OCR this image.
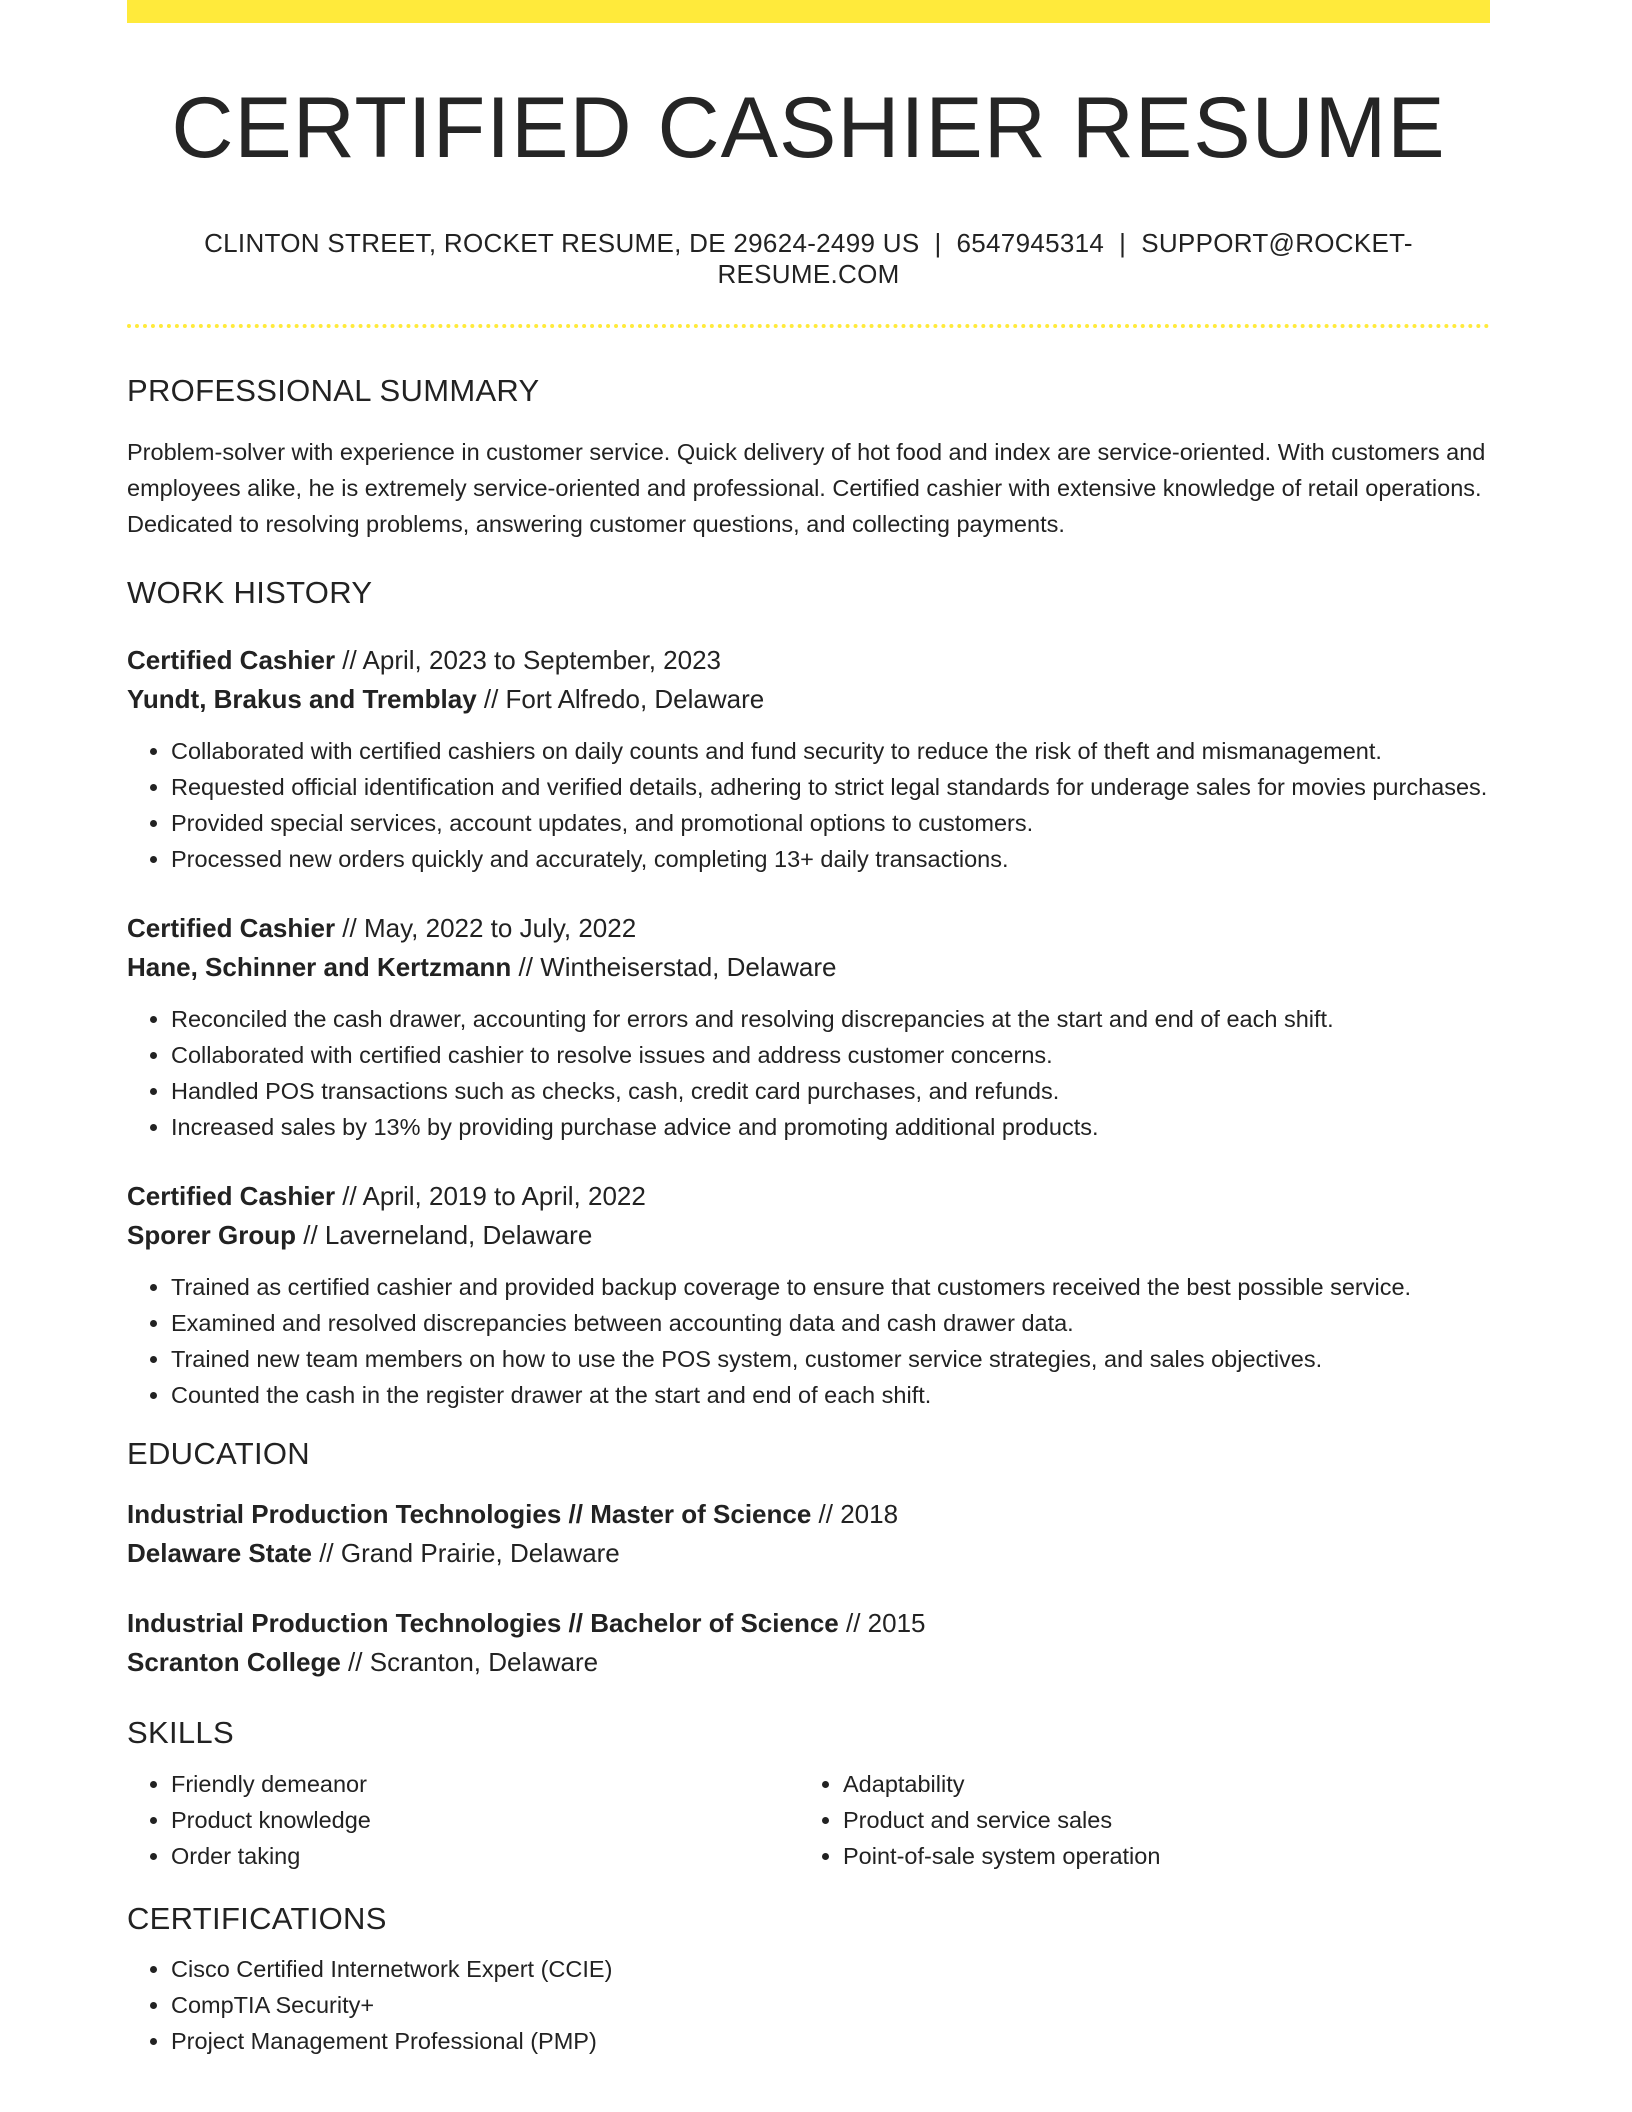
CERTIFIED CASHIER RESUME
CLINTON STREET, ROCKET RESUME, DE 29624-2499 US | 6547945314 | SUPPORT@ROCKET-RESUME.COM
PROFESSIONAL SUMMARY

Problem-solver with experience in customer service. Quick delivery of hot food and index are service-oriented. With customers and employees alike, he is extremely service-oriented and professional. Certified cashier with extensive knowledge of retail operations. Dedicated to resolving problems, answering customer questions, and collecting payments.

WORK HISTORY
Certified Cashier // April, 2023 to September, 2023
Yundt, Brakus and Tremblay // Fort Alfredo, Delaware
• Collaborated with certified cashiers on daily counts and fund security to reduce the risk of theft and mismanagement.
• Requested official identification and verified details, adhering to strict legal standards for underage sales for movies purchases.
• Provided special services, account updates, and promotional options to customers.
• Processed new orders quickly and accurately, completing 13+ daily transactions.
Certified Cashier // May, 2022 to July, 2022
Hane, Schinner and Kertzmann // Wintheiserstad, Delaware
• Reconciled the cash drawer, accounting for errors and resolving discrepancies at the start and end of each shift.
• Collaborated with certified cashier to resolve issues and address customer concerns.
• Handled POS transactions such as checks, cash, credit card purchases, and refunds.
• Increased sales by 13% by providing purchase advice and promoting additional products.
Certified Cashier // April, 2019 to April, 2022
Sporer Group // Laverneland, Delaware
• Trained as certified cashier and provided backup coverage to ensure that customers received the best possible service.
• Examined and resolved discrepancies between accounting data and cash drawer data.
• Trained new team members on how to use the POS system, customer service strategies, and sales objectives.
• Counted the cash in the register drawer at the start and end of each shift.
EDUCATION
Industrial Production Technologies // Master of Science // 2018
Delaware State // Grand Prairie, Delaware
Industrial Production Technologies // Bachelor of Science // 2015
Scranton College // Scranton, Delaware
SKILLS
• Friendly demeanor
• Product knowledge
• Order taking
• Adaptability
• Product and service sales
• Point-of-sale system operation
CERTIFICATIONS
• Cisco Certified Internetwork Expert (CCIE)
• CompTIA Security+
• Project Management Professional (PMP)
